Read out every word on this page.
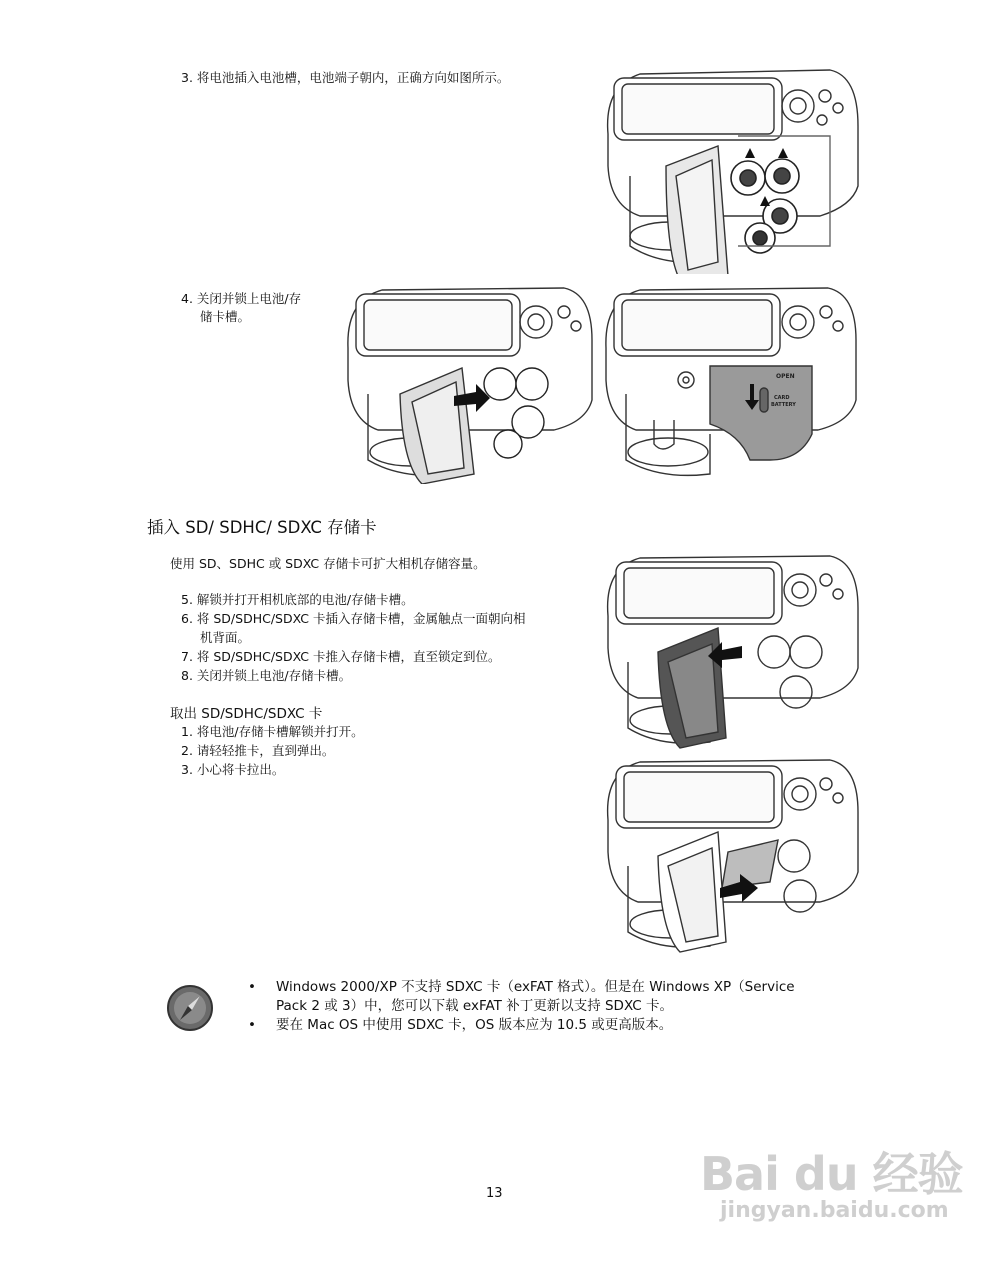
3. 将电池插入电池槽，电池端子朝内，正确方向如图所示。
4. 关闭并锁上电池/存
储卡槽。
OPEN
CARD
BATTERY
插入 SD/ SDHC/ SDXC 存储卡
使用 SD、SDHC 或 SDXC 存储卡可扩大相机存储容量。
5. 解锁并打开相机底部的电池/存储卡槽。
6. 将 SD/SDHC/SDXC 卡插入存储卡槽，金属触点一面朝向相
机背面。
7. 将 SD/SDHC/SDXC 卡推入存储卡槽，直至锁定到位。
8. 关闭并锁上电池/存储卡槽。
取出 SD/SDHC/SDXC 卡
1. 将电池/存储卡槽解锁并打开。
2. 请轻轻推卡，直到弹出。
3. 小心将卡拉出。
• Windows 2000/XP 不支持 SDXC 卡（exFAT 格式）。但是在 Windows XP（Service
Pack 2 或 3）中，您可以下载 exFAT 补丁更新以支持 SDXC 卡。
• 要在 Mac OS 中使用 SDXC 卡，OS 版本应为 10.5 或更高版本。
13	Bai du 经验
jingyan.baidu.com
